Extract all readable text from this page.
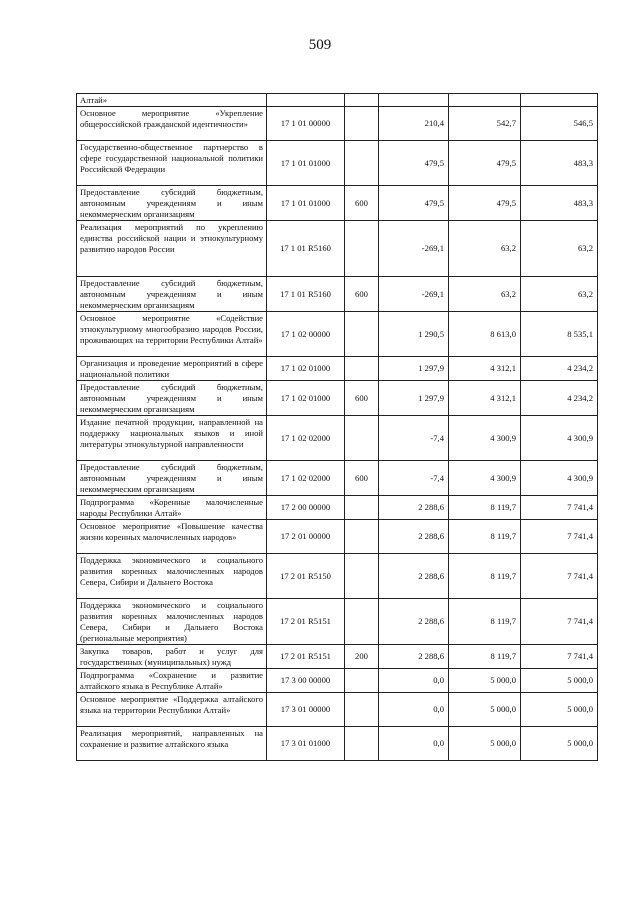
509
Алтай»					
Основное мероприятие «Укрепление общероссийской гражданской идентичности»	17 1 01 00000		210,4	542,7	546,5
Государственно-общественное партнерство в сфере государственной национальной политики Российской Федерации	17 1 01 01000		479,5	479,5	483,3
Предоставление субсидий бюджетным, автономным учреждениям и иным некоммерческим организациям	17 1 01 01000	600	479,5	479,5	483,3
Реализация мероприятий по укреплению единства российской нации и этнокультурному развитию народов России	17 1 01 R5160		-269,1	63,2	63,2
Предоставление субсидий бюджетным, автономным учреждениям и иным некоммерческим организациям	17 1 01 R5160	600	-269,1	63,2	63,2
Основное мероприятие «Содействие этнокультурному многообразию народов России, проживающих на территории Республики Алтай»	17 1 02 00000		1 290,5	8 613,0	8 535,1
Организация и проведение мероприятий в сфере национальной политики	17 1 02 01000		1 297,9	4 312,1	4 234,2
Предоставление субсидий бюджетным, автономным учреждениям и иным некоммерческим организациям	17 1 02 01000	600	1 297,9	4 312,1	4 234,2
Издание печатной продукции, направленной на поддержку национальных языков и иной литературы этнокультурной направленности	17 1 02 02000		-7,4	4 300,9	4 300,9
Предоставление субсидий бюджетным, автономным учреждениям и иным некоммерческим организациям	17 1 02 02000	600	-7,4	4 300,9	4 300,9
Подпрограмма «Коренные малочисленные народы Республики Алтай»	17 2 00 00000		2 288,6	8 119,7	7 741,4
Основное мероприятие «Повышение качества жизни коренных малочисленных народов»	17 2 01 00000		2 288,6	8 119,7	7 741,4
Поддержка экономического и социального развития коренных малочисленных народов Севера, Сибири и Дальнего Востока	17 2 01 R5150		2 288,6	8 119,7	7 741,4
Поддержка экономического и социального развития коренных малочисленных народов Севера, Сибири и Дальнего Востока (региональные мероприятия)	17 2 01 R5151		2 288,6	8 119,7	7 741,4
Закупка товаров, работ и услуг для государственных (муниципальных) нужд	17 2 01 R5151	200	2 288,6	8 119,7	7 741,4
Подпрограмма «Сохранение и развитие алтайского языка в Республике Алтай»	17 3 00 00000		0,0	5 000,0	5 000,0
Основное мероприятие «Поддержка алтайского языка на территории Республики Алтай»	17 3 01 00000		0,0	5 000,0	5 000,0
Реализация мероприятий, направленных на сохранение и развитие алтайского языка	17 3 01 01000		0,0	5 000,0	5 000,0
